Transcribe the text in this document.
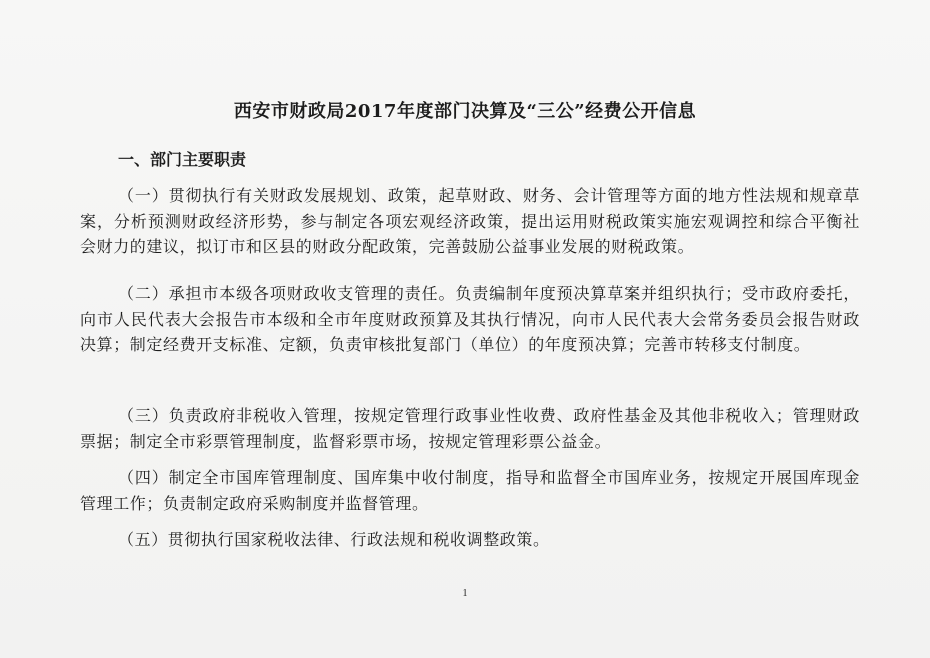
西安市财政局2017年度部门决算及“三公”经费公开信息
一、部门主要职责

（一）贯彻执行有关财政发展规划、政策，起草财政、财务、会计管理等方面的地方性法规和规章草案，分析预测财政经济形势，参与制定各项宏观经济政策，提出运用财税政策实施宏观调控和综合平衡社会财力的建议，拟订市和区县的财政分配政策，完善鼓励公益事业发展的财税政策。

（二）承担市本级各项财政收支管理的责任。负责编制年度预决算草案并组织执行；受市政府委托，向市人民代表大会报告市本级和全市年度财政预算及其执行情况，向市人民代表大会常务委员会报告财政决算；制定经费开支标准、定额，负责审核批复部门（单位）的年度预决算；完善市转移支付制度。

（三）负责政府非税收入管理，按规定管理行政事业性收费、政府性基金及其他非税收入；管理财政票据；制定全市彩票管理制度，监督彩票市场，按规定管理彩票公益金。

（四）制定全市国库管理制度、国库集中收付制度，指导和监督全市国库业务，按规定开展国库现金管理工作；负责制定政府采购制度并监督管理。

（五）贯彻执行国家税收法律、行政法规和税收调整政策。

1
